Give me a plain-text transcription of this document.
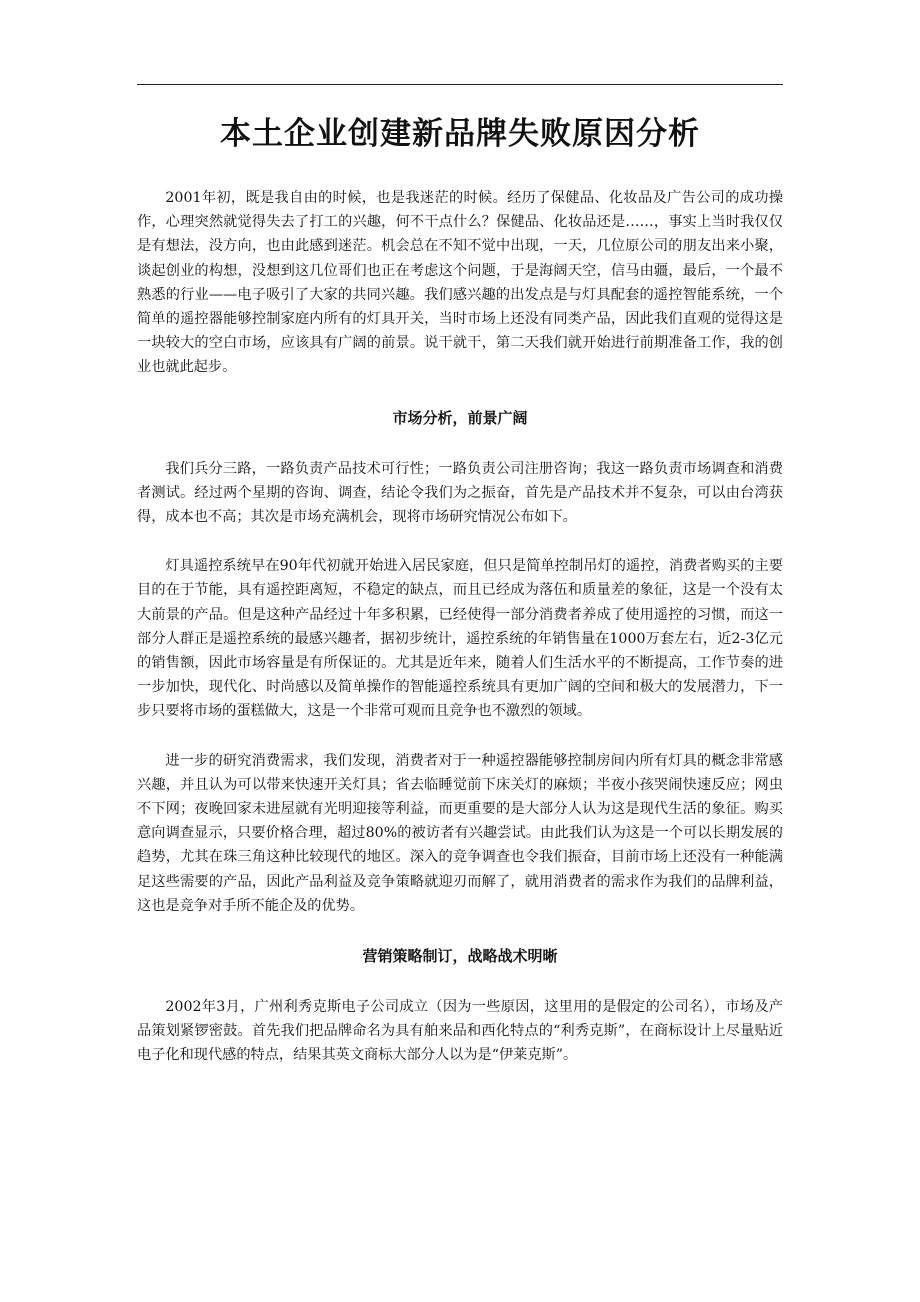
本土企业创建新品牌失败原因分析

2001年初，既是我自由的时候，也是我迷茫的时候。经历了保健品、化妆品及广告公司的成功操作，心理突然就觉得失去了打工的兴趣，何不干点什么？保健品、化妆品还是……，事实上当时我仅仅是有想法，没方向，也由此感到迷茫。机会总在不知不觉中出现，一天，几位原公司的朋友出来小聚，谈起创业的构想，没想到这几位哥们也正在考虑这个问题，于是海阔天空，信马由疆，最后，一个最不熟悉的行业——电子吸引了大家的共同兴趣。我们感兴趣的出发点是与灯具配套的遥控智能系统，一个简单的遥控器能够控制家庭内所有的灯具开关，当时市场上还没有同类产品，因此我们直观的觉得这是一块较大的空白市场，应该具有广阔的前景。说干就干，第二天我们就开始进行前期准备工作，我的创业也就此起步。

市场分析，前景广阔

我们兵分三路，一路负责产品技术可行性；一路负责公司注册咨询；我这一路负责市场调查和消费者测试。经过两个星期的咨询、调查，结论令我们为之振奋，首先是产品技术并不复杂，可以由台湾获得，成本也不高；其次是市场充满机会，现将市场研究情况公布如下。

灯具遥控系统早在90年代初就开始进入居民家庭，但只是简单控制吊灯的遥控，消费者购买的主要目的在于节能，具有遥控距离短，不稳定的缺点，而且已经成为落伍和质量差的象征，这是一个没有太大前景的产品。但是这种产品经过十年多积累，已经使得一部分消费者养成了使用遥控的习惯，而这一部分人群正是遥控系统的最感兴趣者，据初步统计，遥控系统的年销售量在1000万套左右，近2-3亿元的销售额，因此市场容量是有所保证的。尤其是近年来，随着人们生活水平的不断提高，工作节奏的进一步加快，现代化、时尚感以及简单操作的智能遥控系统具有更加广阔的空间和极大的发展潜力，下一步只要将市场的蛋糕做大，这是一个非常可观而且竞争也不激烈的领域。

进一步的研究消费需求，我们发现，消费者对于一种遥控器能够控制房间内所有灯具的概念非常感兴趣，并且认为可以带来快速开关灯具；省去临睡觉前下床关灯的麻烦；半夜小孩哭闹快速反应；网虫不下网；夜晚回家未进屋就有光明迎接等利益，而更重要的是大部分人认为这是现代生活的象征。购买意向调查显示，只要价格合理，超过80%的被访者有兴趣尝试。由此我们认为这是一个可以长期发展的趋势，尤其在珠三角这种比较现代的地区。深入的竞争调查也令我们振奋，目前市场上还没有一种能满足这些需要的产品，因此产品利益及竞争策略就迎刃而解了，就用消费者的需求作为我们的品牌利益，这也是竞争对手所不能企及的优势。

营销策略制订，战略战术明晰

2002年3月，广州利秀克斯电子公司成立（因为一些原因，这里用的是假定的公司名），市场及产品策划紧锣密鼓。首先我们把品牌命名为具有舶来品和西化特点的“利秀克斯”，在商标设计上尽量贴近电子化和现代感的特点，结果其英文商标大部分人以为是“伊莱克斯”。
